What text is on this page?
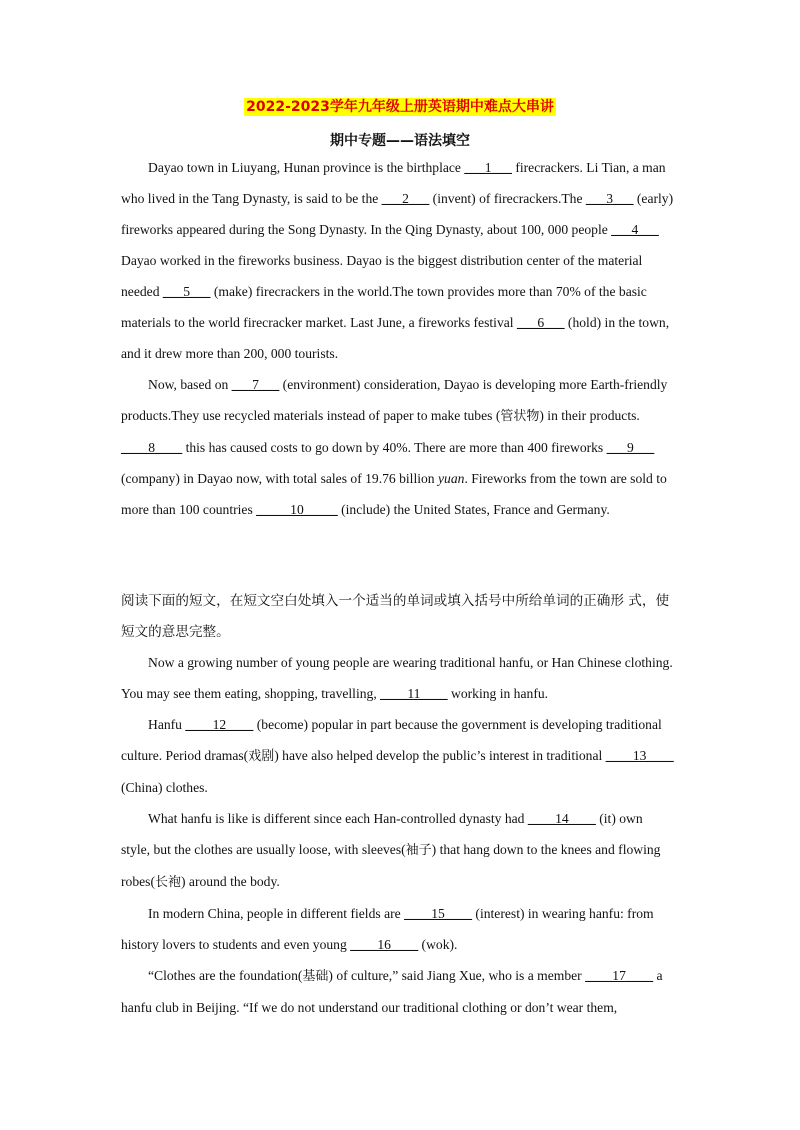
2022-2023学年九年级上册英语期中难点大串讲
期中专题——语法填空

Dayao town in Liuyang, Hunan province is the birthplace ___1___ firecrackers. Li Tian, a man who lived in the Tang Dynasty, is said to be the ___2___ (invent) of firecrackers.The ___3___ (early) fireworks appeared during the Song Dynasty. In the Qing Dynasty, about 100, 000 people ___4___ Dayao worked in the fireworks business. Dayao is the biggest distribution center of the material needed ___5___ (make) firecrackers in the world.The town provides more than 70% of the basic materials to the world firecracker market. Last June, a fireworks festival ___6___ (hold) in the town, and it drew more than 200, 000 tourists.

Now, based on ___7___ (environment) consideration, Dayao is developing more Earth-friendly products.They use recycled materials instead of paper to make tubes (管状物) in their products. ____8____ this has caused costs to go down by 40%. There are more than 400 fireworks ___9___ (company) in Dayao now, with total sales of 19.76 billion yuan. Fireworks from the town are sold to more than 100 countries _____10_____ (include) the United States, France and Germany.

阅读下面的短文，在短文空白处填入一个适当的单词或填入括号中所给单词的正确形 式，使短文的意思完整。

Now a growing number of young people are wearing traditional hanfu, or Han Chinese clothing. You may see them eating, shopping, travelling, ____11____ working in hanfu.

Hanfu ____12____ (become) popular in part because the government is developing traditional culture. Period dramas(戏剧) have also helped develop the public’s interest in traditional ____13____ (China) clothes.

What hanfu is like is different since each Han-controlled dynasty had ____14____ (it) own style, but the clothes are usually loose, with sleeves(袖子) that hang down to the knees and flowing robes(长袍) around the body.

In modern China, people in different fields are ____15____ (interest) in wearing hanfu: from history lovers to students and even young ____16____ (wok).

“Clothes are the foundation(基础) of culture,” said Jiang Xue, who is a member ____17____ a hanfu club in Beijing. “If we do not understand our traditional clothing or don’t wear them,
